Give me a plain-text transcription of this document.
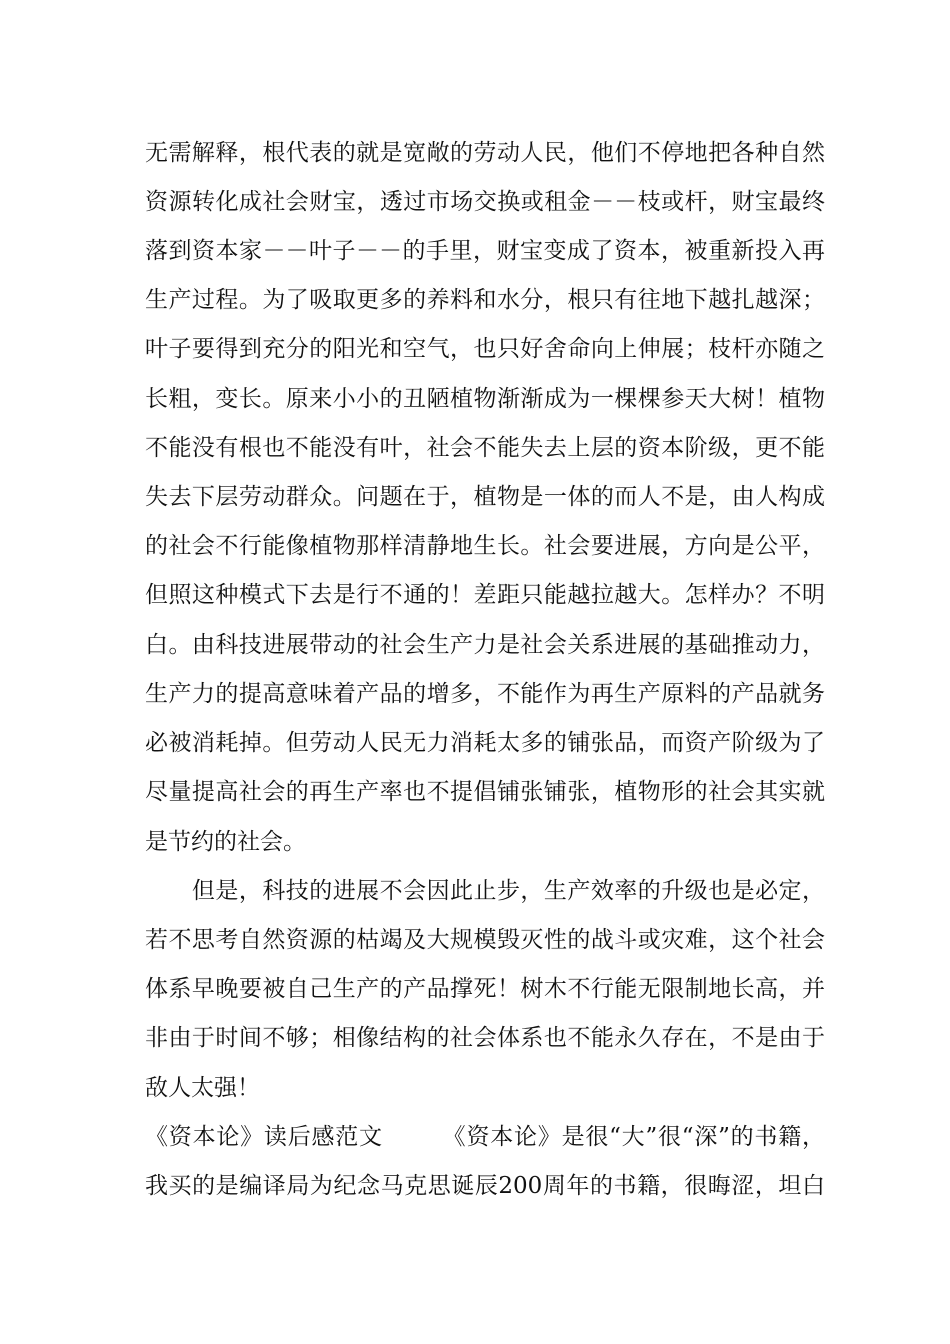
无需解释，根代表的就是宽敞的劳动人民，他们不停地把各种自然
资源转化成社会财宝，透过市场交换或租金－－枝或杆，财宝最终
落到资本家－－叶子－－的手里，财宝变成了资本，被重新投入再
生产过程。为了吸取更多的养料和水分，根只有往地下越扎越深；
叶子要得到充分的阳光和空气，也只好舍命向上伸展；枝杆亦随之
长粗，变长。原来小小的丑陋植物渐渐成为一棵棵参天大树！植物
不能没有根也不能没有叶，社会不能失去上层的资本阶级，更不能
失去下层劳动群众。问题在于，植物是一体的而人不是，由人构成
的社会不行能像植物那样清静地生长。社会要进展，方向是公平，
但照这种模式下去是行不通的！差距只能越拉越大。怎样办？不明
白。由科技进展带动的社会生产力是社会关系进展的基础推动力，
生产力的提高意味着产品的增多，不能作为再生产原料的产品就务
必被消耗掉。但劳动人民无力消耗太多的铺张品，而资产阶级为了
尽量提高社会的再生产率也不提倡铺张铺张，植物形的社会其实就
是节约的社会。
　　但是，科技的进展不会因此止步，生产效率的升级也是必定，
若不思考自然资源的枯竭及大规模毁灭性的战斗或灾难，这个社会
体系早晚要被自己生产的产品撑死！树木不行能无限制地长高，并
非由于时间不够；相像结构的社会体系也不能永久存在，不是由于
敌人太强！
《资本论》读后感范文　　　《资本论》是很“大”很“深”的书籍，
我买的是编译局为纪念马克思诞辰200周年的书籍，很晦涩，坦白
